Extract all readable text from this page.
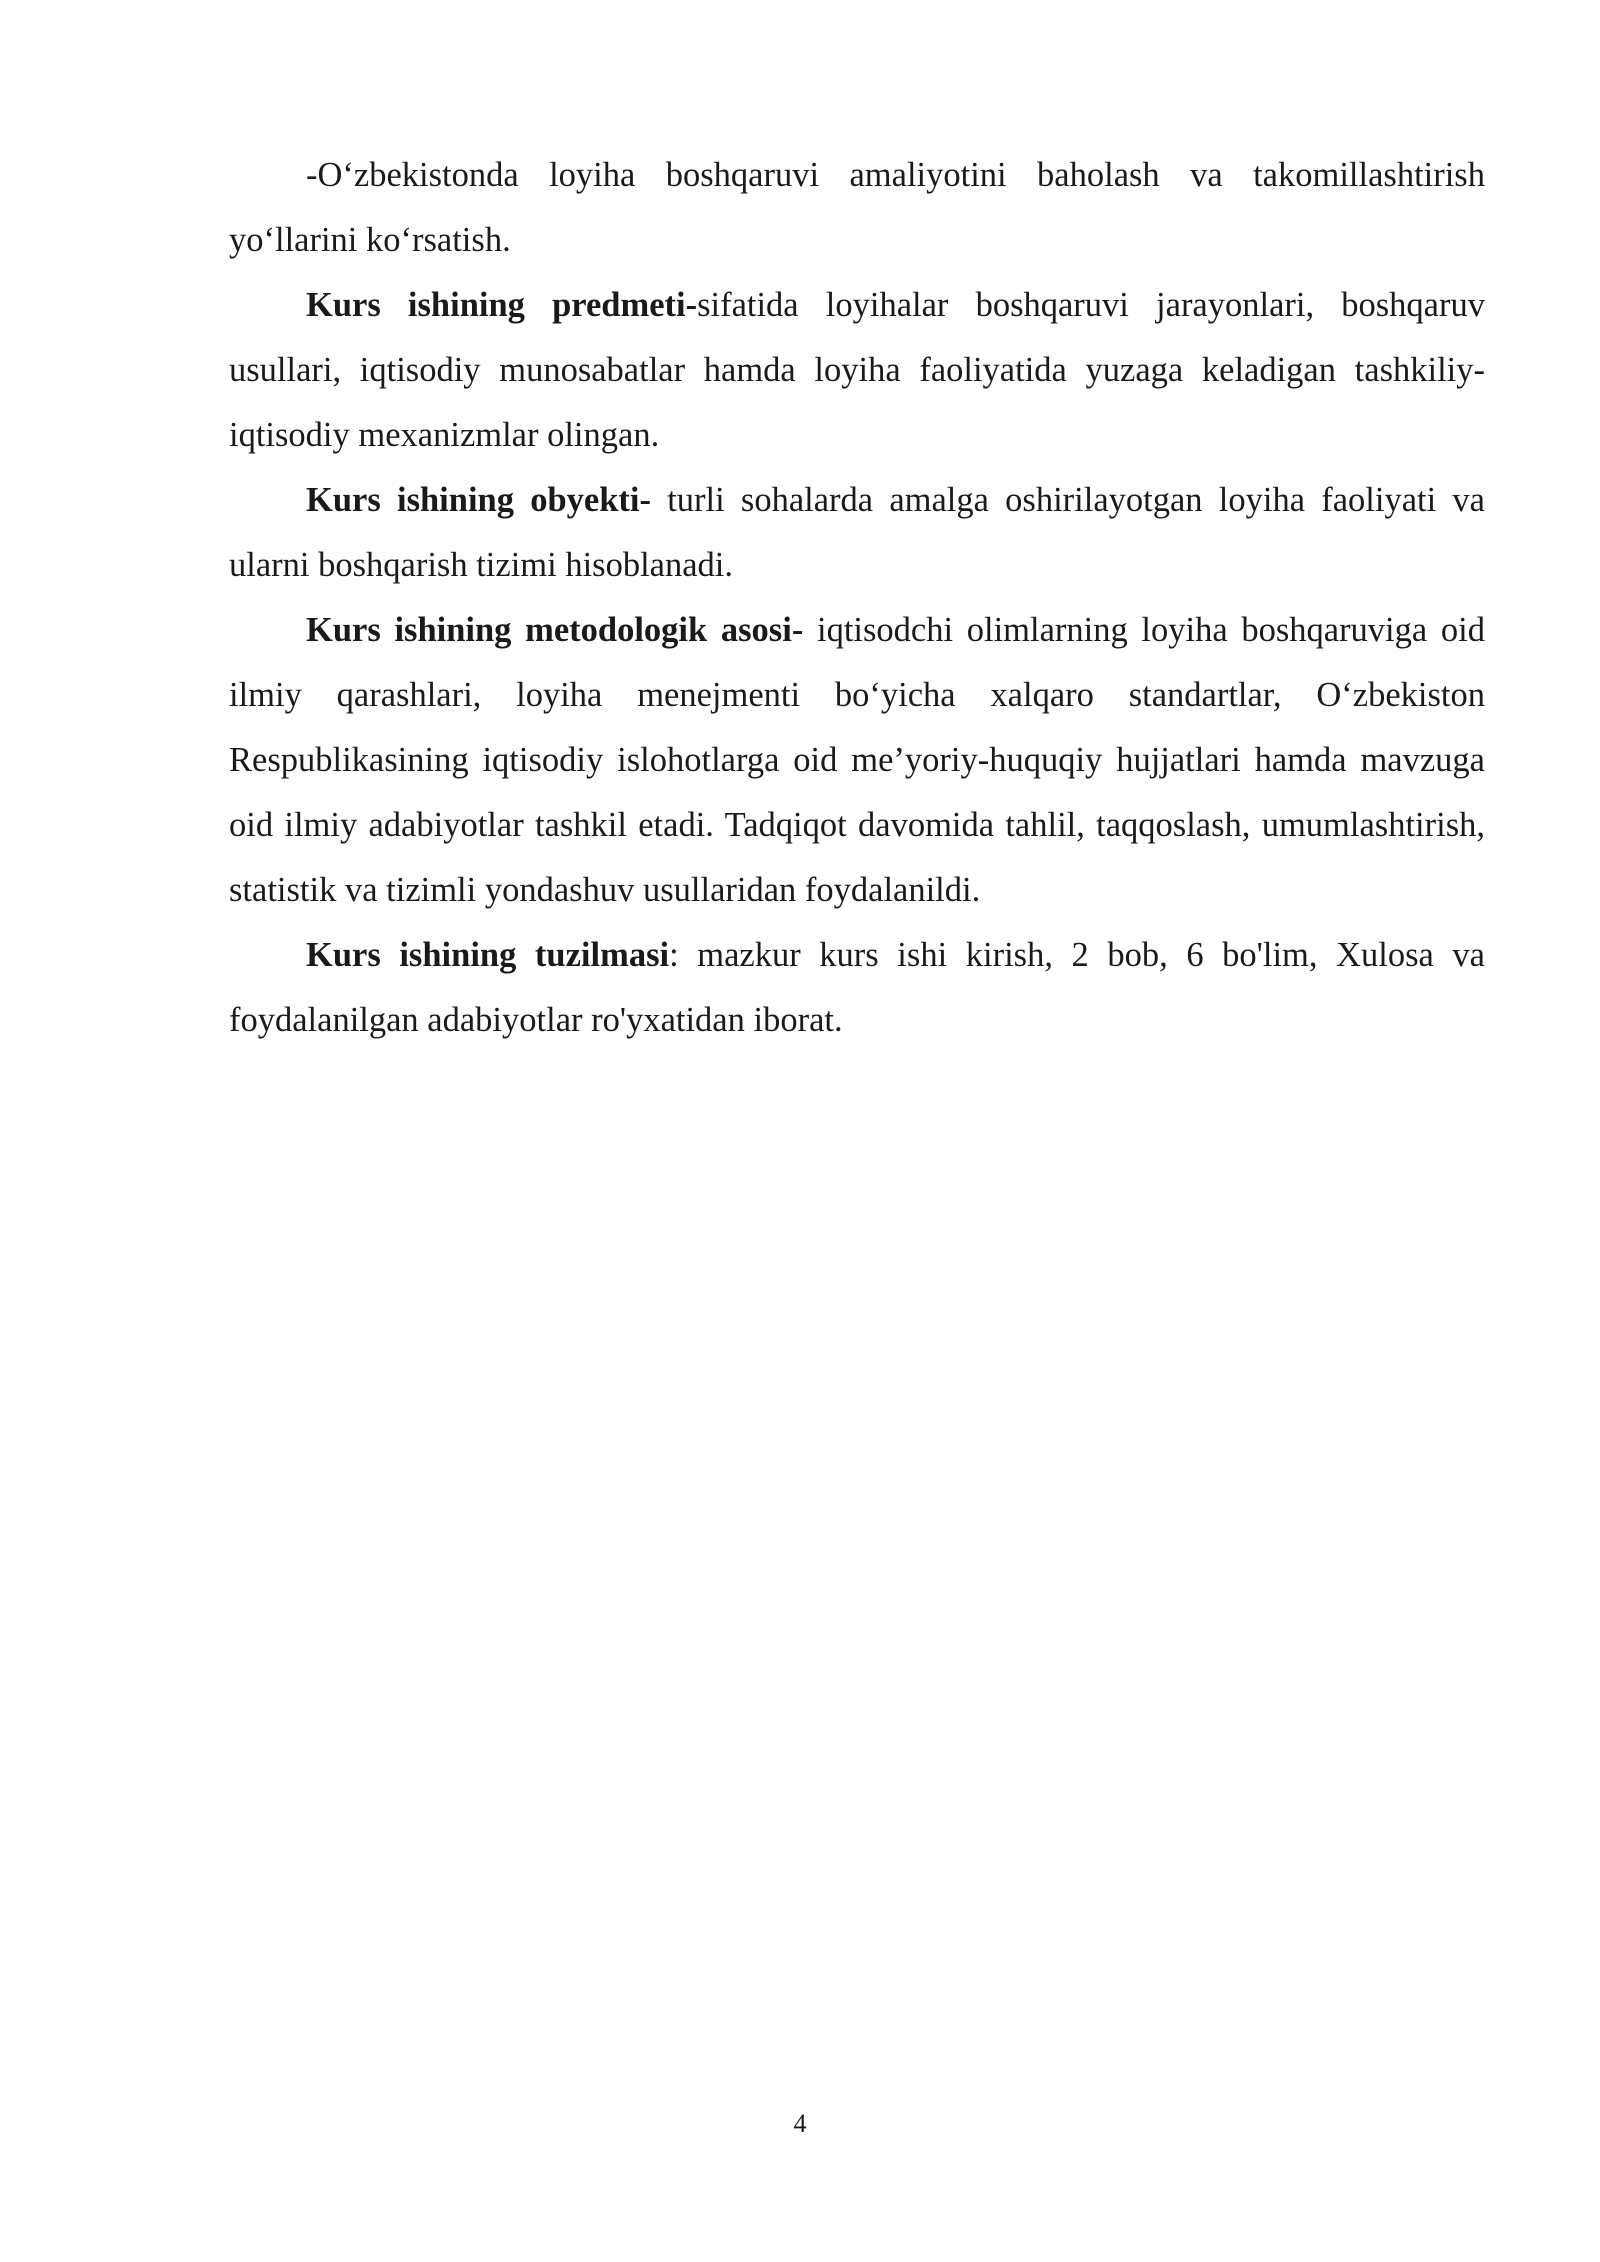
-O‘zbekistonda loyiha boshqaruvi amaliyotini baholash va takomillashtirish yo‘llarini ko‘rsatish.

Kurs ishining predmeti-sifatida loyihalar boshqaruvi jarayonlari, boshqaruv usullari, iqtisodiy munosabatlar hamda loyiha faoliyatida yuzaga keladigan tashkiliy-iqtisodiy mexanizmlar olingan.

Kurs ishining obyekti- turli sohalarda amalga oshirilayotgan loyiha faoliyati va ularni boshqarish tizimi hisoblanadi.

Kurs ishining metodologik asosi- iqtisodchi olimlarning loyiha boshqaruviga oid ilmiy qarashlari, loyiha menejmenti bo‘yicha xalqaro standartlar, O‘zbekiston Respublikasining iqtisodiy islohotlarga oid me’yoriy-huquqiy hujjatlari hamda mavzuga oid ilmiy adabiyotlar tashkil etadi. Tadqiqot davomida tahlil, taqqoslash, umumlashtirish, statistik va tizimli yondashuv usullaridan foydalanildi.

Kurs ishining tuzilmasi: mazkur kurs ishi kirish, 2 bob, 6 bo'lim, Xulosa va foydalanilgan adabiyotlar ro'yxatidan iborat.

4
